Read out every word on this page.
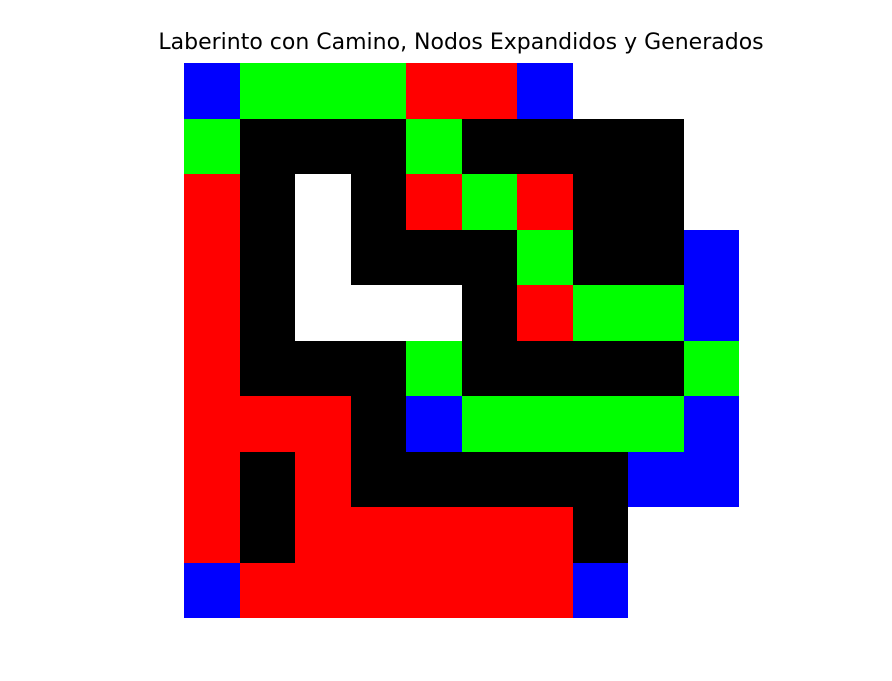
Laberinto con Camino, Nodos Expandidos y Generados
